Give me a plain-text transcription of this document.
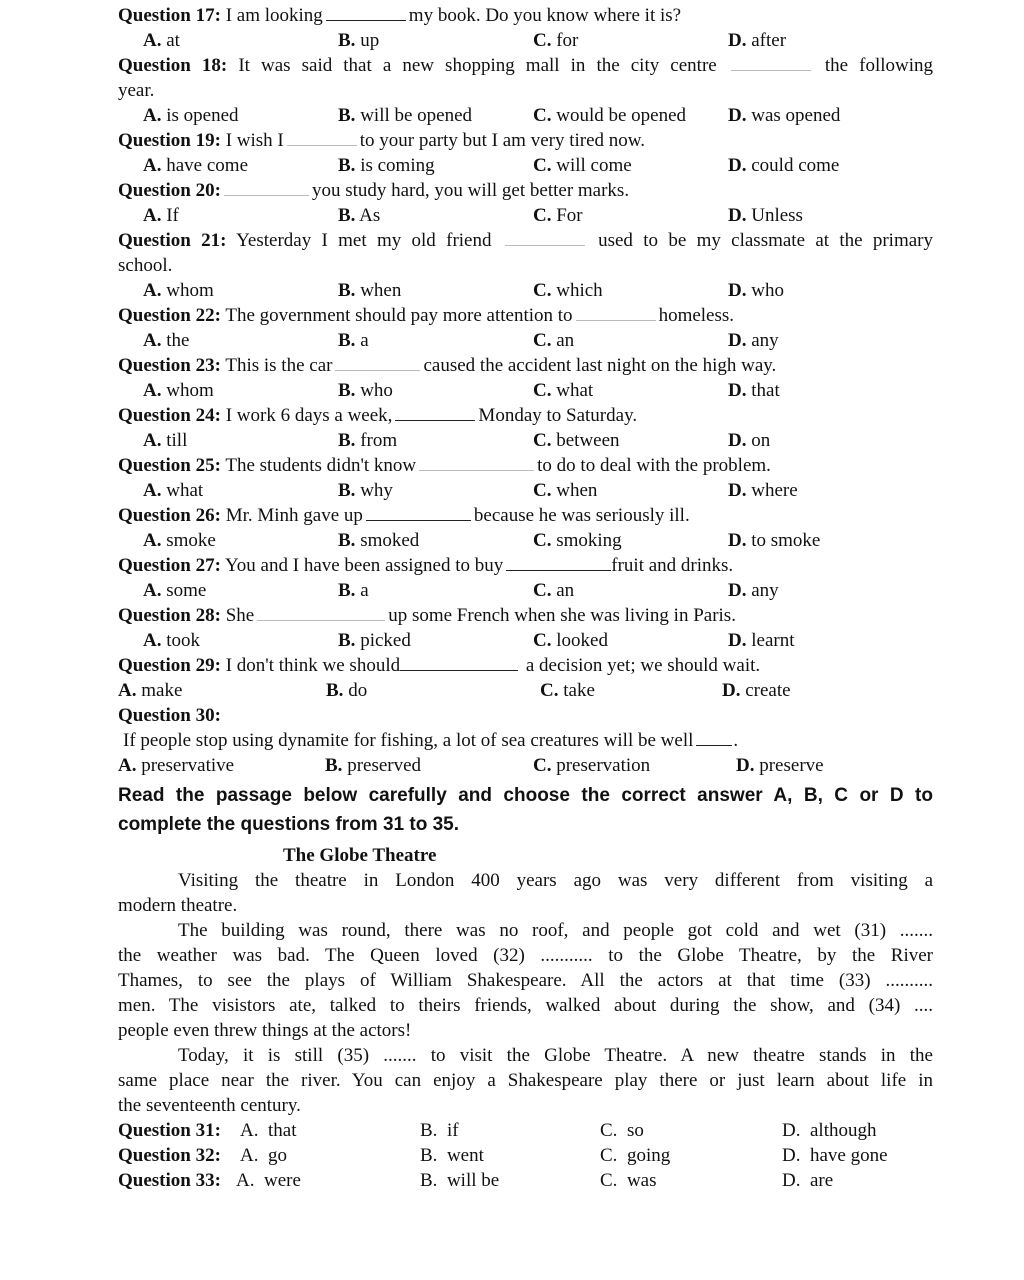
Question 17: I am looking	my book. Do you know where it is?
A. at	B. up	C. for	D. after
Question 18: It was said that a new shopping mall in the city centre	the following
year.
A. is opened	B. will be opened	C. would be opened D. was opened
Question 19: I wish I	to your party but I am very tired now.
A. have come	B. is coming	C. will come	D. could come
Question 20:	you study hard, you will get better marks.
A. If	B. As	C. For	D. Unless
Question 21: Yesterday I met my old friend	used to be my classmate at the primary
school.
A. whom	B. when	C. which	D. who
Question 22: The government should pay more attention to	homeless.
A. the	B. a	C. an	D. any
Question 23: This is the car	caused the accident last night on the high way.
A. whom	B. who	C. what	D. that
Question 24: I work 6 days a week,	Monday to Saturday.
A. till	B. from	C. between	D. on
Question 25: The students didn't know	to do to deal with the problem.
A. what	B. why	C. when	D. where
Question 26: Mr. Minh gave up	because he was seriously ill.
A. smoke	B. smoked	C. smoking	D. to smoke
Question 27: You and I have been assigned to buy	fruit and drinks.
A. some	B. a	C. an	D. any
Question 28: She	up some French when she was living in Paris.
A. took	B. picked	C. looked	D. learnt
Question 29: I don't think we should	a decision yet; we should wait.
A. make	B. do	C. take	D. create
Question 30:
If people stop using dynamite for fishing, a lot of sea creatures will be well .
A. preservative	B. preserved	C. preservation	D. preserve
Read the passage below carefully and choose the correct answer A, B, C or D to
complete the questions from 31 to 35.
The Globe Theatre
Visiting the theatre in London 400 years ago was very different from visiting a
modern theatre.
The building was round, there was no roof, and people got cold and wet (31) .......
the weather was bad. The Queen loved (32) ........... to the Globe Theatre, by the River
Thames, to see the plays of William Shakespeare. All the actors at that time (33) ..........
men. The visistors ate, talked to theirs friends, walked about during the show, and (34) ....
people even threw things at the actors!
Today, it is still (35) ....... to visit the Globe Theatre. A new theatre stands in the
same place near the river. You can enjoy a Shakespeare play there or just learn about life in
the seventeenth century.
Question 31: A. that	B. if	C. so	D. although
Question 32: A. go	B. went	C. going	D. have gone
Question 33: A. were	B. will be	C. was	D. are
